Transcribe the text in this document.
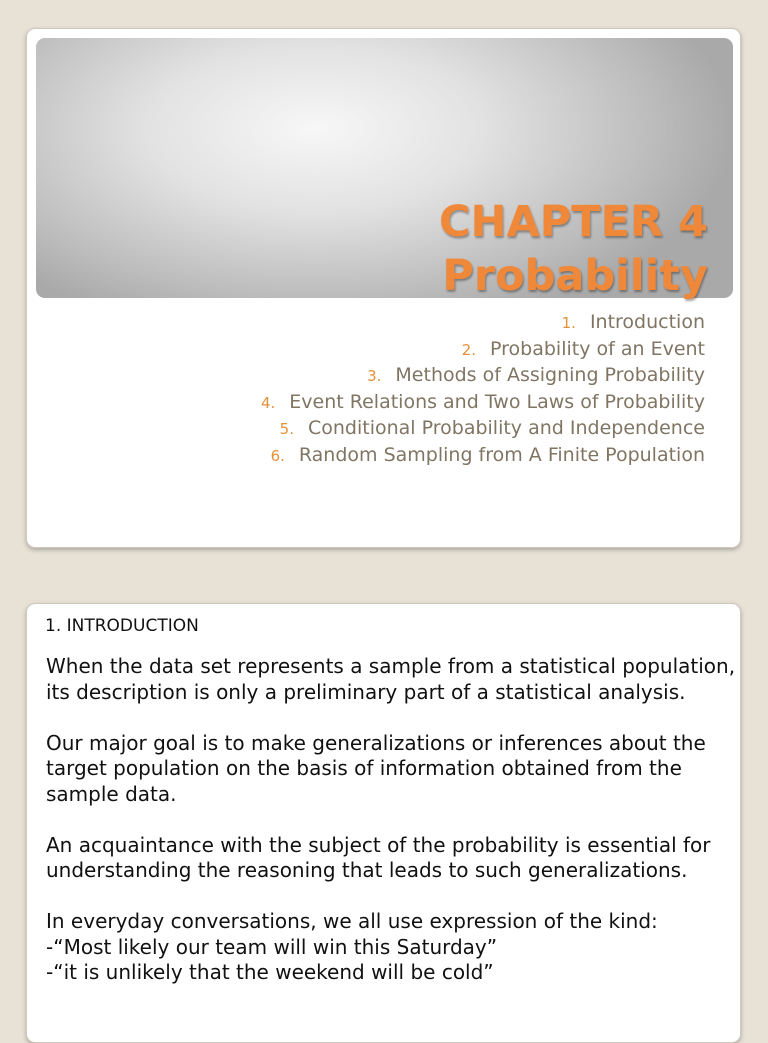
CHAPTER 4
Probability
1. Introduction
2. Probability of an Event
3. Methods of Assigning Probability
4. Event Relations and Two Laws of Probability
5. Conditional Probability and Independence
6. Random Sampling from A Finite Population
1. INTRODUCTION

When the data set represents a sample from a statistical population, its description is only a preliminary part of a statistical analysis.

Our major goal is to make generalizations or inferences about the target population on the basis of information obtained from the sample data.

An acquaintance with the subject of the probability is essential for understanding the reasoning that leads to such generalizations.

In everyday conversations, we all use expression of the kind:
-“Most likely our team will win this Saturday”
-“it is unlikely that the weekend will be cold”
